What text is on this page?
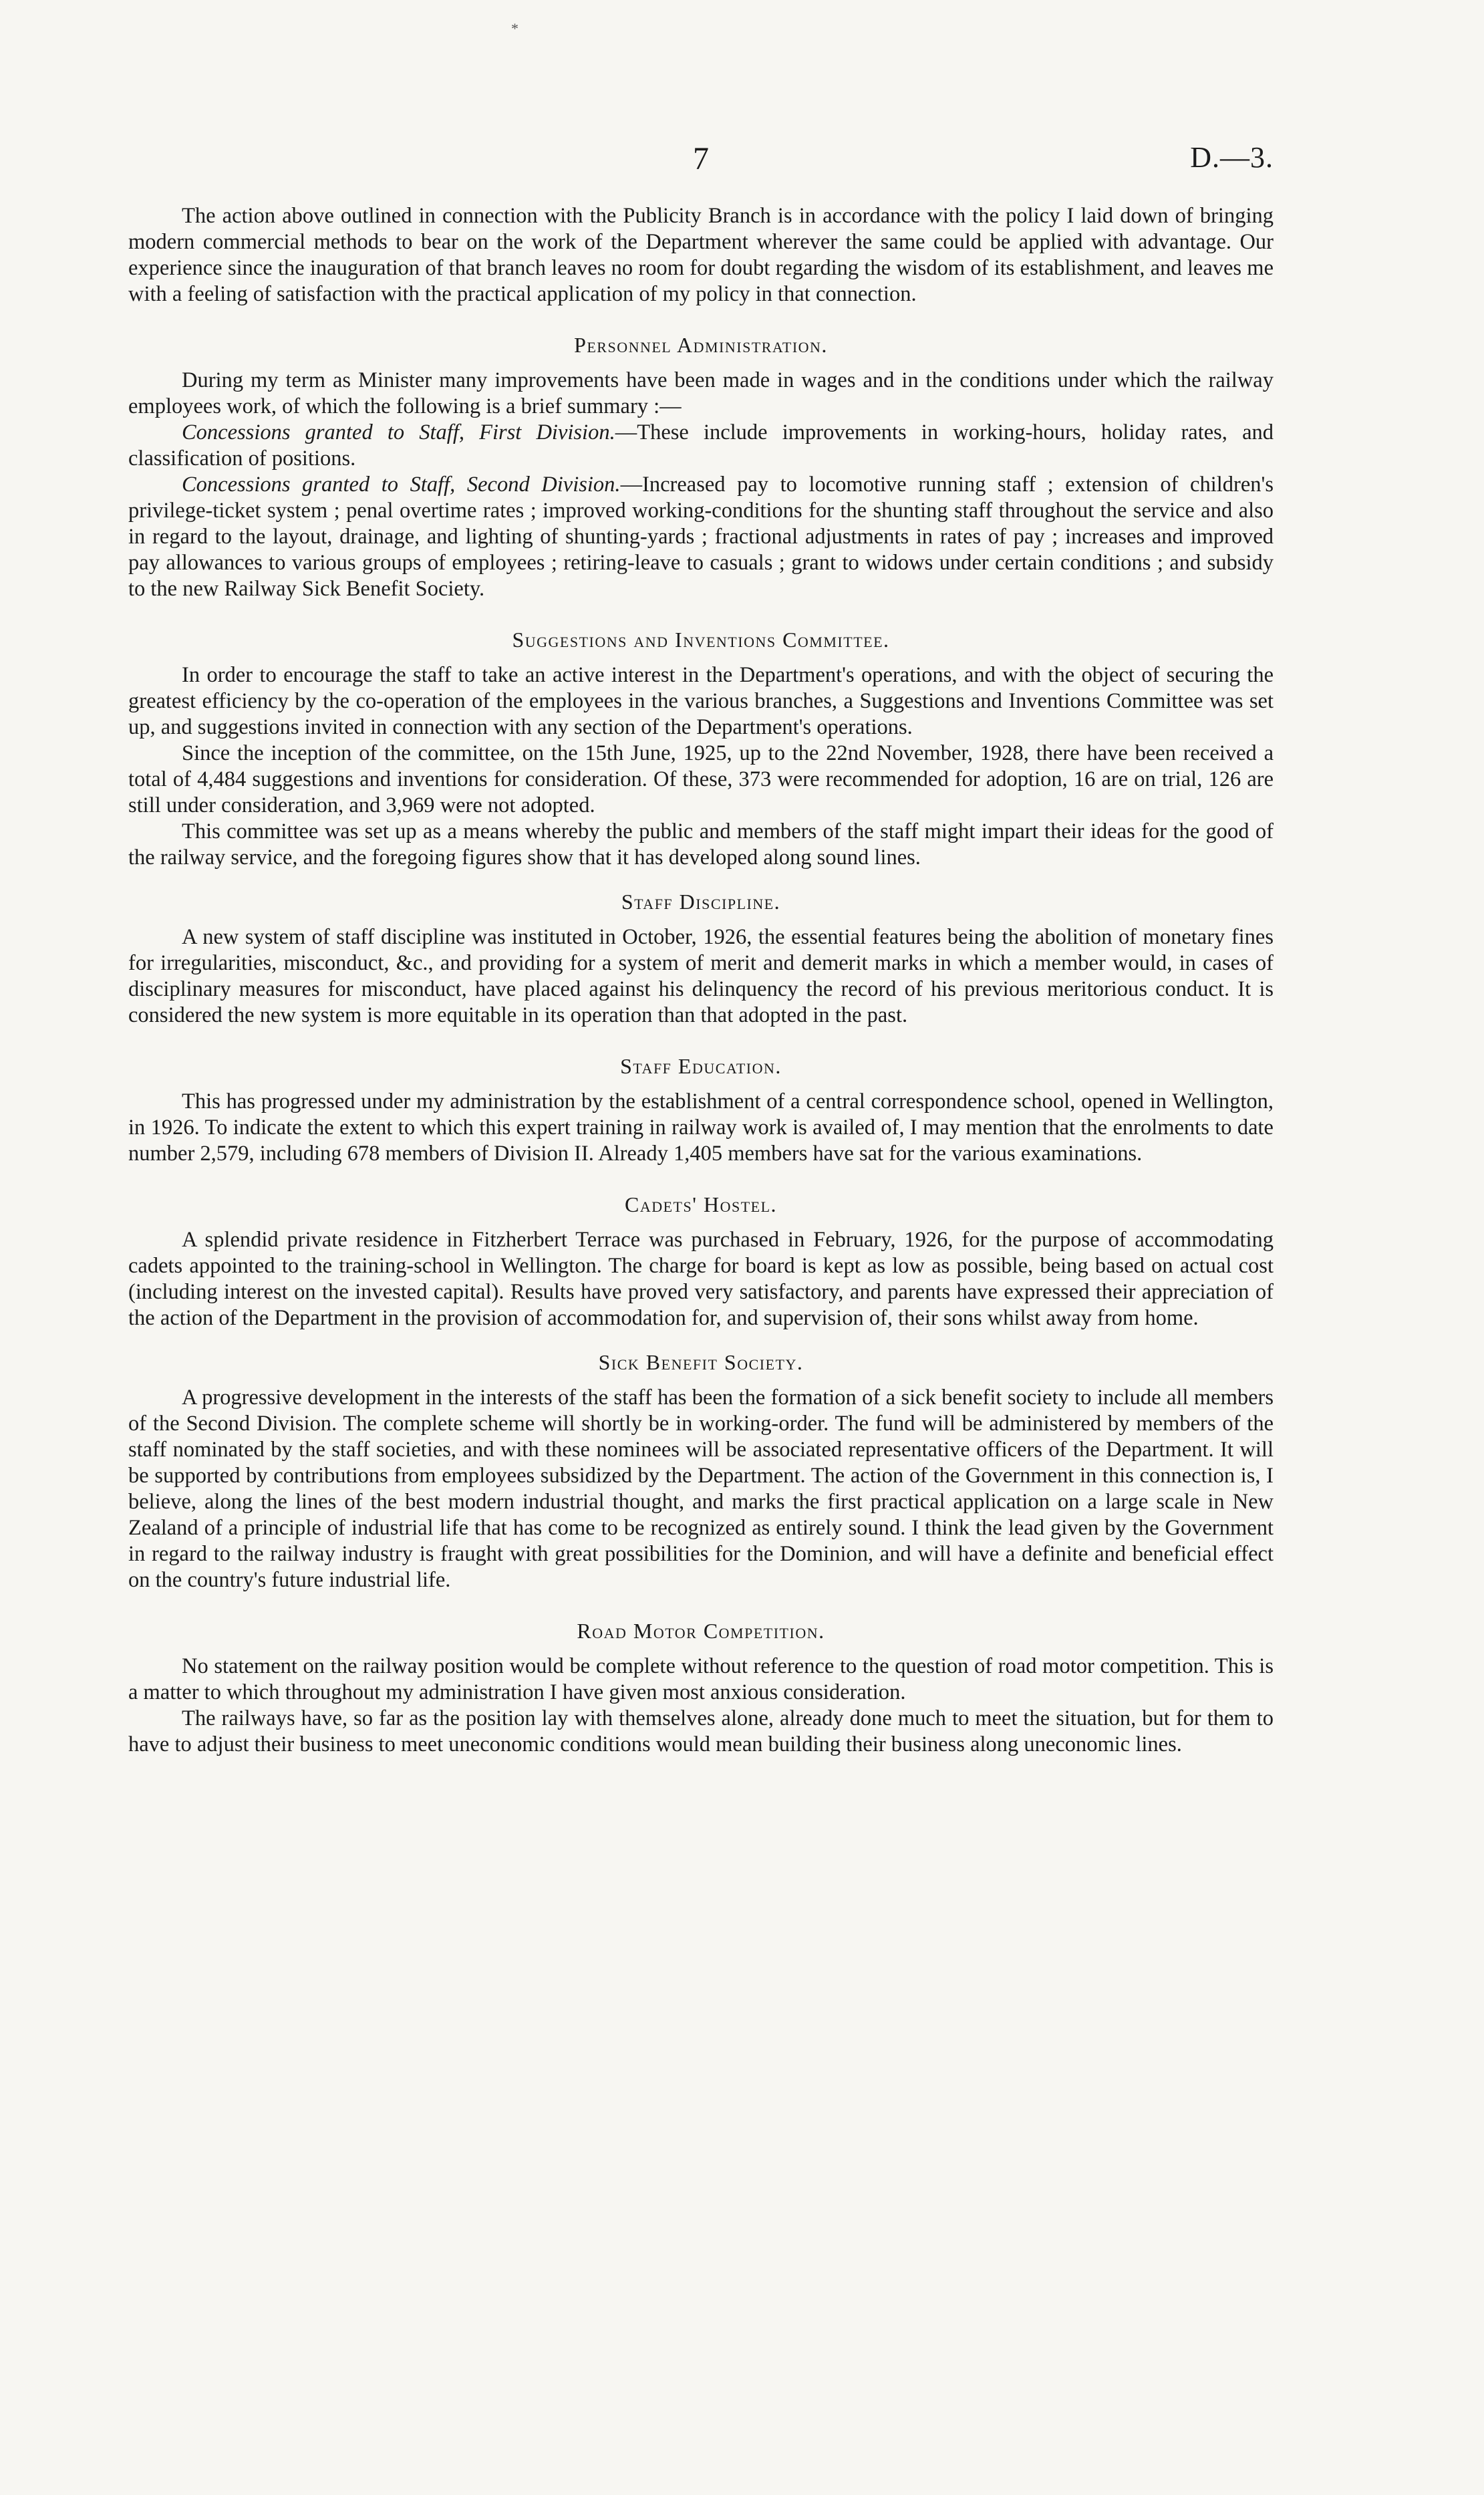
*
7	D.—3.

The action above outlined in connection with the Publicity Branch is in accordance with the policy I laid down of bringing modern commercial methods to bear on the work of the Department wherever the same could be applied with advantage. Our experience since the inauguration of that branch leaves no room for doubt regarding the wisdom of its establishment, and leaves me with a feeling of satisfaction with the practical application of my policy in that connection.

Personnel Administration.

During my term as Minister many improvements have been made in wages and in the conditions under which the railway employees work, of which the following is a brief summary :—

Concessions granted to Staff, First Division.—These include improvements in working-hours, holiday rates, and classification of positions.

Concessions granted to Staff, Second Division.—Increased pay to locomotive running staff ; extension of children's privilege-ticket system ; penal overtime rates ; improved working-conditions for the shunting staff throughout the service and also in regard to the layout, drainage, and lighting of shunting-yards ; fractional adjustments in rates of pay ; increases and improved pay allowances to various groups of employees ; retiring-leave to casuals ; grant to widows under certain conditions ; and subsidy to the new Railway Sick Benefit Society.

Suggestions and Inventions Committee.

In order to encourage the staff to take an active interest in the Department's operations, and with the object of securing the greatest efficiency by the co-operation of the employees in the various branches, a Suggestions and Inventions Committee was set up, and suggestions invited in connection with any section of the Department's operations.

Since the inception of the committee, on the 15th June, 1925, up to the 22nd November, 1928, there have been received a total of 4,484 suggestions and inventions for consideration. Of these, 373 were recommended for adoption, 16 are on trial, 126 are still under consideration, and 3,969 were not adopted.

This committee was set up as a means whereby the public and members of the staff might impart their ideas for the good of the railway service, and the foregoing figures show that it has developed along sound lines.

Staff Discipline.

A new system of staff discipline was instituted in October, 1926, the essential features being the abolition of monetary fines for irregularities, misconduct, &c., and providing for a system of merit and demerit marks in which a member would, in cases of disciplinary measures for misconduct, have placed against his delinquency the record of his previous meritorious conduct. It is considered the new system is more equitable in its operation than that adopted in the past.

Staff Education.

This has progressed under my administration by the establishment of a central correspondence school, opened in Wellington, in 1926. To indicate the extent to which this expert training in railway work is availed of, I may mention that the enrolments to date number 2,579, including 678 members of Division II. Already 1,405 members have sat for the various examinations.

Cadets' Hostel.

A splendid private residence in Fitzherbert Terrace was purchased in February, 1926, for the purpose of accommodating cadets appointed to the training-school in Wellington. The charge for board is kept as low as possible, being based on actual cost (including interest on the invested capital). Results have proved very satisfactory, and parents have expressed their appreciation of the action of the Department in the provision of accommodation for, and supervision of, their sons whilst away from home.

Sick Benefit Society.

A progressive development in the interests of the staff has been the formation of a sick benefit society to include all members of the Second Division. The complete scheme will shortly be in working-order. The fund will be administered by members of the staff nominated by the staff societies, and with these nominees will be associated representative officers of the Department. It will be supported by contributions from employees subsidized by the Department. The action of the Government in this connection is, I believe, along the lines of the best modern industrial thought, and marks the first practical application on a large scale in New Zealand of a principle of industrial life that has come to be recognized as entirely sound. I think the lead given by the Government in regard to the railway industry is fraught with great possibilities for the Dominion, and will have a definite and beneficial effect on the country's future industrial life.

Road Motor Competition.

No statement on the railway position would be complete without reference to the question of road motor competition. This is a matter to which throughout my administration I have given most anxious consideration.

The railways have, so far as the position lay with themselves alone, already done much to meet the situation, but for them to have to adjust their business to meet uneconomic conditions would mean building their business along uneconomic lines.
